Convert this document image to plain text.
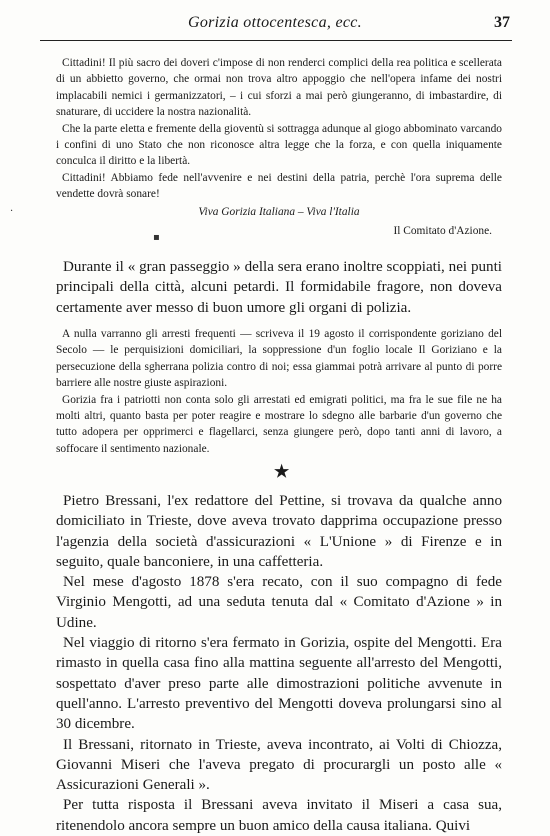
Gorizia ottocentesca, ecc.	37
·
▪

Cittadini! Il più sacro dei doveri c'impose di non renderci complici della rea politica e scellerata di un abbietto governo, che ormai non trova altro appoggio che nell'opera infame dei nostri implacabili nemici i germanizzatori, – i cui sforzi a mai però giungeranno, di imbastardire, di snaturare, di uccidere la nostra nazionalità.

Che la parte eletta e fremente della gioventù si sottragga adunque al giogo abbominato varcando i confini di uno Stato che non riconosce altra legge che la forza, e con quella iniquamente conculca il diritto e la libertà.

Cittadini! Abbiamo fede nell'avvenire e nei destini della patria, perchè l'ora suprema delle vendette dovrà sonare!

Viva Gorizia Italiana – Viva l'Italia

Il Comitato d'Azione.

Durante il « gran passeggio » della sera erano inoltre scoppiati, nei punti principali della città, alcuni petardi. Il formidabile fragore, non doveva certamente aver messo di buon umore gli organi di polizia.

A nulla varranno gli arresti frequenti — scriveva il 19 agosto il corrispondente goriziano del Secolo — le perquisizioni domiciliari, la soppressione d'un foglio locale Il Goriziano e la persecuzione della sgherrana polizia contro di noi; essa giammai potrà arrivare al punto di porre barriere alle nostre giuste aspirazioni.

Gorizia fra i patriotti non conta solo gli arrestati ed emigrati politici, ma fra le sue file ne ha molti altri, quanto basta per poter reagire e mostrare lo sdegno alle barbarie d'un governo che tutto adopera per opprimerci e flagellarci, senza giungere però, dopo tanti anni di lavoro, a soffocare il sentimento nazionale.

★

Pietro Bressani, l'ex redattore del Pettine, si trovava da qualche anno domiciliato in Trieste, dove aveva trovato dapprima occupazione presso l'agenzia della società d'assicurazioni « L'Unione » di Firenze e in seguito, quale banconiere, in una caffetteria.

Nel mese d'agosto 1878 s'era recato, con il suo compagno di fede Virginio Mengotti, ad una seduta tenuta dal « Comitato d'Azione » in Udine.

Nel viaggio di ritorno s'era fermato in Gorizia, ospite del Mengotti. Era rimasto in quella casa fino alla mattina seguente all'arresto del Mengotti, sospettato d'aver preso parte alle dimostrazioni politiche avvenute in quell'anno. L'arresto preventivo del Mengotti doveva prolungarsi sino al 30 dicembre.

Il Bressani, ritornato in Trieste, aveva incontrato, ai Volti di Chiozza, Giovanni Miseri che l'aveva pregato di procurargli un posto alle « Assicurazioni Generali ».

Per tutta risposta il Bressani aveva invitato il Miseri a casa sua, ritenendolo ancora sempre un buon amico della causa italiana. Quivi
